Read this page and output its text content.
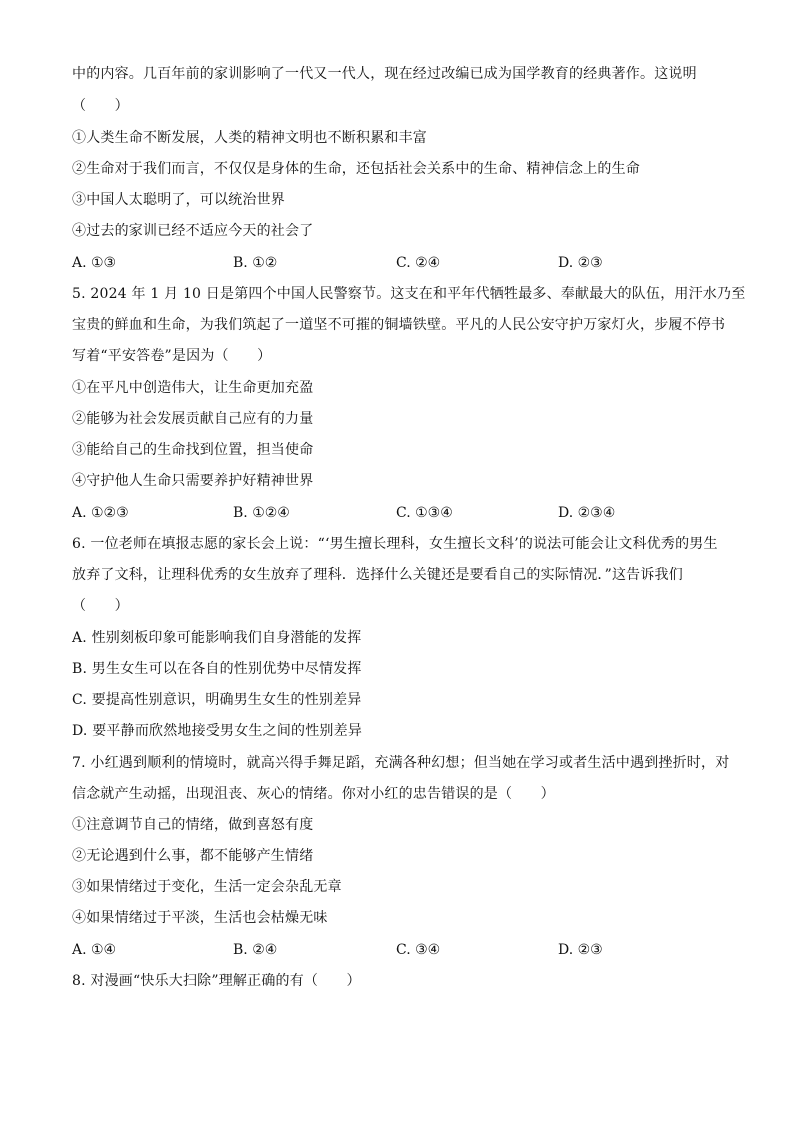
中的内容。几百年前的家训影响了一代又一代人，现在经过改编已成为国学教育的经典著作。这说明
（　　）
①人类生命不断发展，人类的精神文明也不断积累和丰富
②生命对于我们而言，不仅仅是身体的生命，还包括社会关系中的生命、精神信念上的生命
③中国人太聪明了，可以统治世界
④过去的家训已经不适应今天的社会了
A. ①③	B. ①②	C. ②④	D. ②③
5. 2024 年 1 月 10 日是第四个中国人民警察节。这支在和平年代牺牲最多、奉献最大的队伍，用汗水乃至
宝贵的鲜血和生命，为我们筑起了一道坚不可摧的铜墙铁壁。平凡的人民公安守护万家灯火，步履不停书
写着“平安答卷”是因为（　　）
①在平凡中创造伟大，让生命更加充盈
②能够为社会发展贡献自己应有的力量
③能给自己的生命找到位置，担当使命
④守护他人生命只需要养护好精神世界
A. ①②③	B. ①②④	C. ①③④	D. ②③④
6. 一位老师在填报志愿的家长会上说：“‘男生擅长理科，女生擅长文科’的说法可能会让文科优秀的男生
放弃了文科，让理科优秀的女生放弃了理科．选择什么关键还是要看自己的实际情况．”这告诉我们
（　　）
A. 性别刻板印象可能影响我们自身潜能的发挥
B. 男生女生可以在各自的性别优势中尽情发挥
C. 要提高性别意识，明确男生女生的性别差异
D. 要平静而欣然地接受男女生之间的性别差异
7. 小红遇到顺利的情境时，就高兴得手舞足蹈，充满各种幻想；但当她在学习或者生活中遇到挫折时，对
信念就产生动摇，出现沮丧、灰心的情绪。你对小红的忠告错误的是（　　）
①注意调节自己的情绪，做到喜怒有度
②无论遇到什么事，都不能够产生情绪
③如果情绪过于变化，生活一定会杂乱无章
④如果情绪过于平淡，生活也会枯燥无味
A. ①④	B. ②④	C. ③④	D. ②③
8. 对漫画“快乐大扫除”理解正确的有（　　）
